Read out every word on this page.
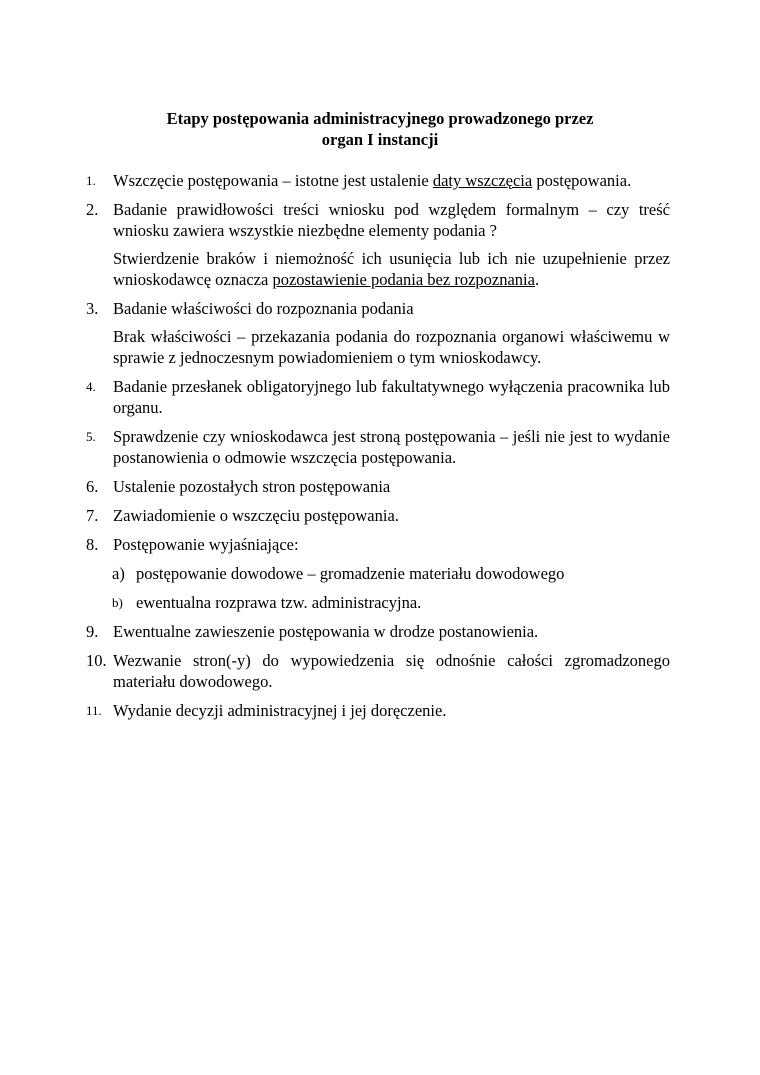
Etapy postępowania administracyjnego prowadzonego przez
organ I instancji
1. Wszczęcie postępowania – istotne jest ustalenie daty wszczęcia postępowania.
2. Badanie prawidłowości treści wniosku pod względem formalnym – czy treść wniosku zawiera wszystkie niezbędne elementy podania ?
Stwierdzenie braków i niemożność ich usunięcia lub ich nie uzupełnienie przez wnioskodawcę oznacza pozostawienie podania bez rozpoznania.
3. Badanie właściwości do rozpoznania podania
Brak właściwości – przekazania podania do rozpoznania organowi właściwemu w sprawie z jednoczesnym powiadomieniem o tym wnioskodawcy.
4. Badanie przesłanek obligatoryjnego lub fakultatywnego wyłączenia pracownika lub organu.
5. Sprawdzenie czy wnioskodawca jest stroną postępowania – jeśli nie jest to wydanie postanowienia o odmowie wszczęcia postępowania.
6. Ustalenie pozostałych stron postępowania
7. Zawiadomienie o wszczęciu postępowania.
8. Postępowanie wyjaśniające:
a) postępowanie dowodowe – gromadzenie materiału dowodowego
b) ewentualna rozprawa tzw. administracyjna.
9. Ewentualne zawieszenie postępowania w drodze postanowienia.
10. Wezwanie stron(-y) do wypowiedzenia się odnośnie całości zgromadzonego materiału dowodowego.
11. Wydanie decyzji administracyjnej i jej doręczenie.
